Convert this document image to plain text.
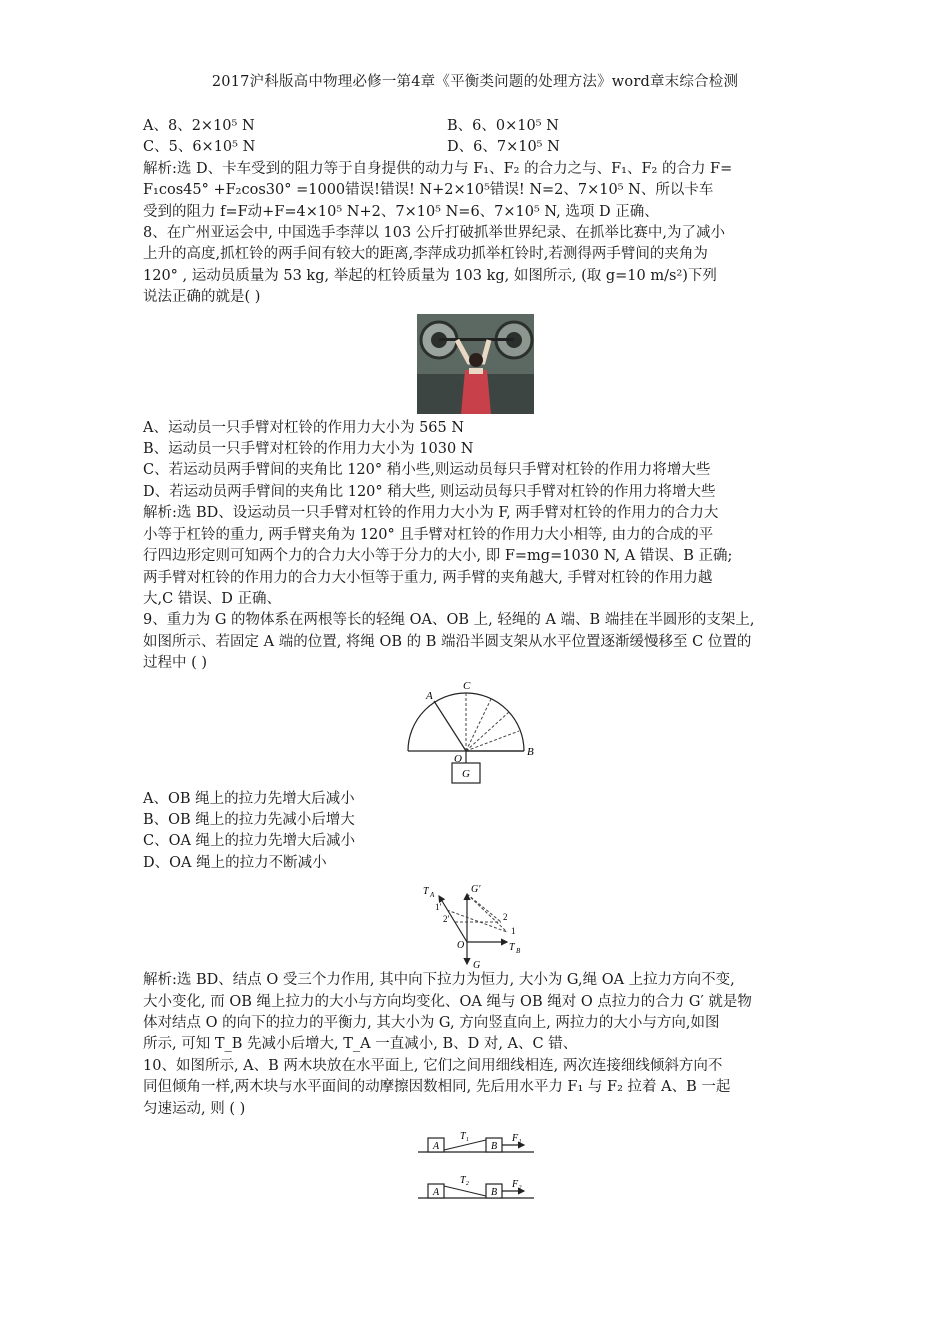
2017沪科版高中物理必修一第4章《平衡类问题的处理方法》word章末综合检测
A、8、2×10⁵ N	B、6、0×10⁵ N
C、5、6×10⁵ N	D、6、7×10⁵ N
解析:选 D、卡车受到的阻力等于自身提供的动力与 F₁、F₂ 的合力之与、F₁、F₂ 的合力 F=
F₁cos45° +F₂cos30° =1000错误!错误! N+2×10⁵错误! N=2、7×10⁵ N、所以卡车
受到的阻力 f=F动+F=4×10⁵ N+2、7×10⁵ N=6、7×10⁵ N, 选项 D 正确、
8、在广州亚运会中, 中国选手李萍以 103 公斤打破抓举世界纪录、在抓举比赛中,为了减小
上升的高度,抓杠铃的两手间有较大的距离,李萍成功抓举杠铃时,若测得两手臂间的夹角为
120° , 运动员质量为 53 kg, 举起的杠铃质量为 103 kg, 如图所示, (取 g=10 m/s²)下列
说法正确的就是( )
A、运动员一只手臂对杠铃的作用力大小为 565 N
B、运动员一只手臂对杠铃的作用力大小为 1030 N
C、若运动员两手臂间的夹角比 120° 稍小些,则运动员每只手臂对杠铃的作用力将增大些
D、若运动员两手臂间的夹角比 120° 稍大些, 则运动员每只手臂对杠铃的作用力将增大些
解析:选 BD、设运动员一只手臂对杠铃的作用力大小为 F, 两手臂对杠铃的作用力的合力大
小等于杠铃的重力, 两手臂夹角为 120° 且手臂对杠铃的作用力大小相等, 由力的合成的平
行四边形定则可知两个力的合力大小等于分力的大小, 即 F=mg=1030 N, A 错误、B 正确;
两手臂对杠铃的作用力的合力大小恒等于重力, 两手臂的夹角越大, 手臂对杠铃的作用力越
大,C 错误、D 正确、
9、重力为 G 的物体系在两根等长的轻绳 OA、OB 上, 轻绳的 A 端、B 端挂在半圆形的支架上,
如图所示、若固定 A 端的位置, 将绳 OB 的 B 端沿半圆支架从水平位置逐渐缓慢移至 C 位置的
过程中 ( )
G
A
C
B
O
A、OB 绳上的拉力先增大后减小
B、OB 绳上的拉力先减小后增大
C、OA 绳上的拉力先增大后减小
D、OA 绳上的拉力不断减小
T A	G′
1′
2′	2
1
O	T B
G
解析:选 BD、结点 O 受三个力作用, 其中向下拉力为恒力, 大小为 G,绳 OA 上拉力方向不变,
大小变化, 而 OB 绳上拉力的大小与方向均变化、OA 绳与 OB 绳对 O 点拉力的合力 G′ 就是物
体对结点 O 的向下的拉力的平衡力, 其大小为 G, 方向竖直向上, 两拉力的大小与方向,如图
所示, 可知 T_B 先减小后增大, T_A 一直减小, B、D 对, A、C 错、
10、如图所示, A、B 两木块放在水平面上, 它们之间用细线相连, 两次连接细线倾斜方向不
同但倾角一样,两木块与水平面间的动摩擦因数相同, 先后用水平力 F₁ 与 F₂ 拉着 A、B 一起
匀速运动, 则 ( )
A	B
T₁	F₁
A	B
T₂	F₂
